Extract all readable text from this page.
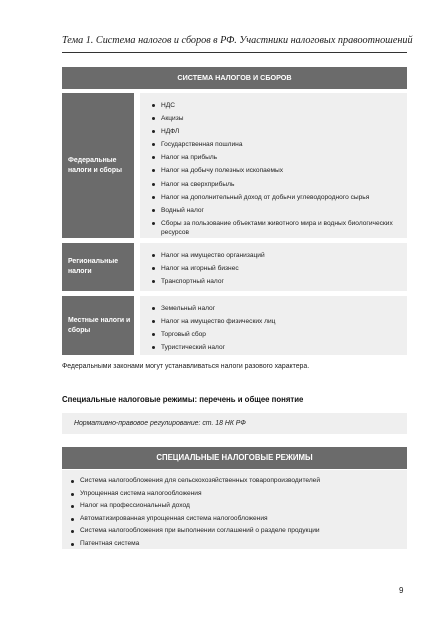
Тема 1. Система налогов и сборов в РФ. Участники налоговых правоотношений
СИСТЕМА НАЛОГОВ И СБОРОВ
Федеральные налоги и сборы
НДС
Акцизы
НДФЛ
Государственная пошлина
Налог на прибыль
Налог на добычу полезных ископаемых
Налог на сверхприбыль
Налог на дополнительный доход от добычи углеводородного сырья
Водный налог
Сборы за пользование объектами животного мира и водных биологических ресурсов
Региональные налоги
Налог на имущество организаций
Налог на игорный бизнес
Транспортный налог
Местные налоги и сборы
Земельный налог
Налог на имущество физических лиц
Торговый сбор
Туристический налог
Федеральными законами могут устанавливаться налоги разового характера.
Специальные налоговые режимы: перечень и общее понятие
Нормативно-правовое регулирование: ст. 18 НК РФ
СПЕЦИАЛЬНЫЕ НАЛОГОВЫЕ РЕЖИМЫ
Система налогообложения для сельскохозяйственных товаропроизводителей
Упрощенная система налогообложения
Налог на профессиональный доход
Автоматизированная упрощенная система налогообложения
Система налогообложения при выполнении соглашений о разделе продукции
Патентная система
9
